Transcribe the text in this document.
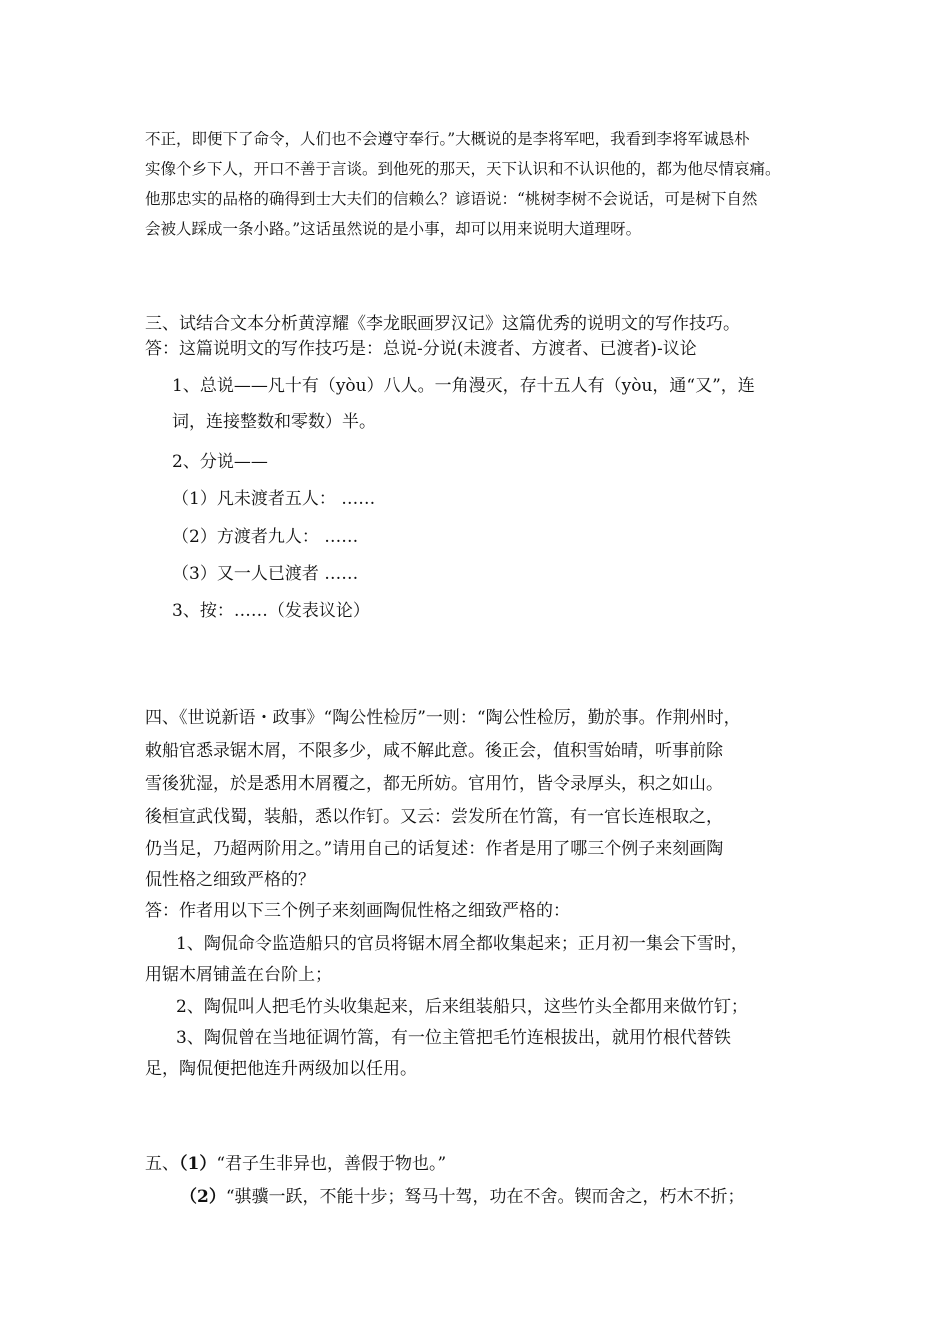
不正，即便下了命令，人们也不会遵守奉行。”大概说的是李将军吧，我看到李将军诚恳朴
实像个乡下人，开口不善于言谈。到他死的那天，天下认识和不认识他的，都为他尽情哀痛。
他那忠实的品格的确得到士大夫们的信赖么？谚语说：“桃树李树不会说话，可是树下自然
会被人踩成一条小路。”这话虽然说的是小事，却可以用来说明大道理呀。
三、试结合文本分析黄淳耀《李龙眠画罗汉记》这篇优秀的说明文的写作技巧。
答：这篇说明文的写作技巧是：总说-分说(未渡者、方渡者、已渡者)-议论
1、总说——凡十有（yòu）八人。一角漫灭，存十五人有（yòu，通“又”，连
词，连接整数和零数）半。
2、分说——
（1）凡未渡者五人： ……
（2）方渡者九人： ……
（3）又一人已渡者 ……
3、按：……（发表议论）
四、《世说新语・政事》“陶公性检厉”一则：“陶公性检厉，勤於事。作荆州时，
敕船官悉录锯木屑，不限多少，咸不解此意。後正会，值积雪始晴，听事前除
雪後犹湿，於是悉用木屑覆之，都无所妨。官用竹，皆令录厚头，积之如山。
後桓宣武伐蜀，装船，悉以作钉。又云：尝发所在竹篙，有一官长连根取之，
仍当足，乃超两阶用之。”请用自己的话复述：作者是用了哪三个例子来刻画陶
侃性格之细致严格的？
答：作者用以下三个例子来刻画陶侃性格之细致严格的：
1、陶侃命令监造船只的官员将锯木屑全都收集起来；正月初一集会下雪时，
用锯木屑铺盖在台阶上；
2、陶侃叫人把毛竹头收集起来，后来组装船只，这些竹头全都用来做竹钉；
3、陶侃曾在当地征调竹篙，有一位主管把毛竹连根拔出，就用竹根代替铁
足，陶侃便把他连升两级加以任用。
五、（1）“君子生非异也，善假于物也。”
（2）“骐骥一跃，不能十步；驽马十驾，功在不舍。锲而舍之，朽木不折；
